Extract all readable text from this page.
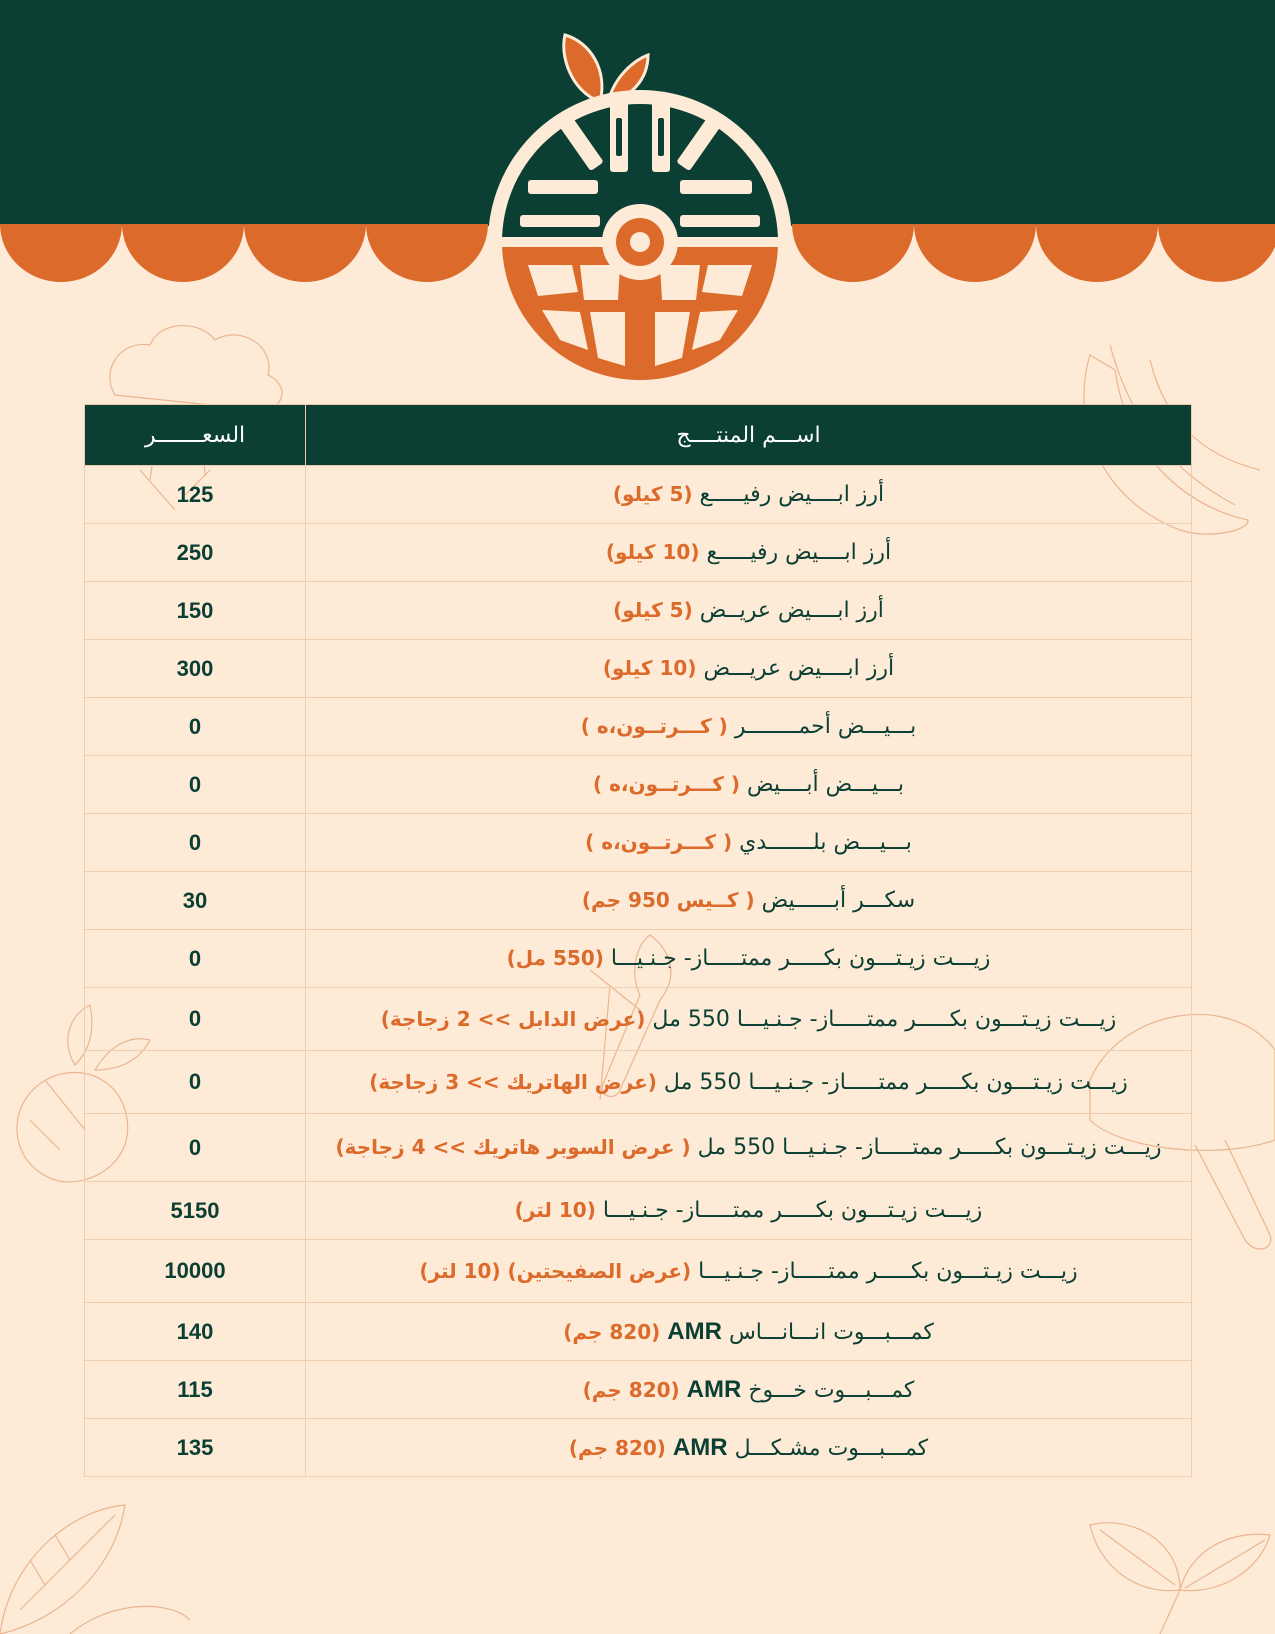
اســـم المنتــــج	السعـــــــر
أرز ابــــيض رفيـــــع (5 كيلو)	125
أرز ابــــيض رفيـــــع (10 كيلو)	250
أرز ابــــيض عريــض (5 كيلو)	150
أرز ابــــيض عريـــض (10 كيلو)	300
بـــيـــض أحمــــــــر ( كـــرتــون،ه )	0
بـــيـــض أبــــيض ( كـــرتــون،ه )	0
بـــيـــض بلـــــــدي ( كـــرتــون،ه )	0
سكـــر أبــــــيض ( كــيس 950 جم)	30
زيـــت زيـتـــون بكـــــر ممتـــــاز- جـنـيـــا (550 مل)	0
زيـــت زيـتـــون بكـــــر ممتـــــاز- جـنـيـــا 550 مل (عرض الدابل >> 2 زجاجة)	0
زيـــت زيـتـــون بكـــــر ممتـــــاز- جـنـيـــا 550 مل (عرض الهاتريك >> 3 زجاجة)	0
زيـــت زيـتـــون بكـــــر ممتـــــاز- جـنـيـــا 550 مل ( عرض السوبر هاتريك >> 4 زجاجة)	0
زيـــت زيـتـــون بكـــــر ممتـــــاز- جـنـيـــا (10 لتر)	5150
زيـــت زيـتـــون بكـــــر ممتـــــاز- جـنـيـــا (عرض الصفيحتين) (10 لتر)	10000
كمـــبـــوت انـــانـــاس AMR (820 جم)	140
كمـــبـــوت خـــوخ AMR (820 جم)	115
كمـــبـــوت مشـكـــل AMR (820 جم)	135
